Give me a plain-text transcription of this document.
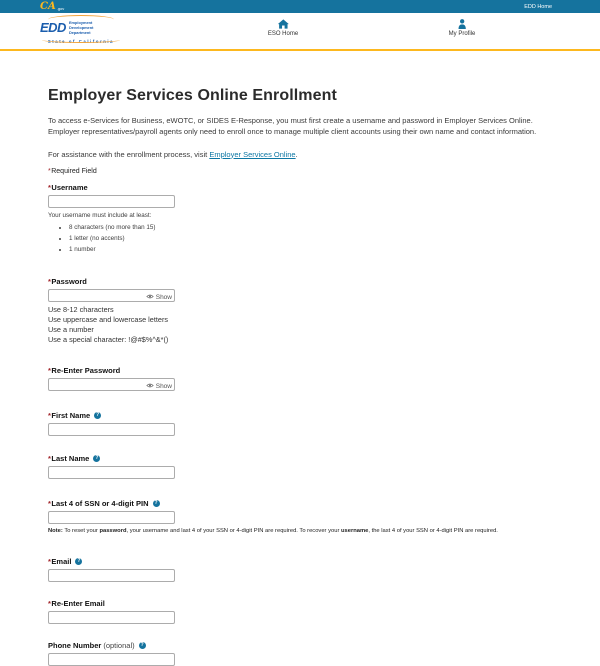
CA .gov	EDD Home
EDD Employment
Development
Department
State of California
ESO Home	My Profile
Employer Services Online Enrollment

To access e-Services for Business, eWOTC, or SIDES E-Response, you must first create a username and password in Employer Services Online. Employer representatives/payroll agents only need to enroll once to manage multiple client accounts using their own name and contact information.

For assistance with the enrollment process, visit Employer Services Online.
*Required Field
* Username
Your username must include at least:
• 8 characters (no more than 15)
• 1 letter (no accents)
• 1 number
* Password
Show
Use 8-12 characters
Use uppercase and lowercase letters
Use a number
Use a special character: !@#$%^&*()
* Re-Enter Password
Show
* First Name	?
* Last Name	?
* Last 4 of SSN or 4-digit PIN	?
Note: To reset your password, your username and last 4 of your SSN or 4-digit PIN are required. To recover your username, the last 4 of your SSN or 4-digit PIN are required.
* Email	?
* Re-Enter Email
Phone Number (optional)	?
